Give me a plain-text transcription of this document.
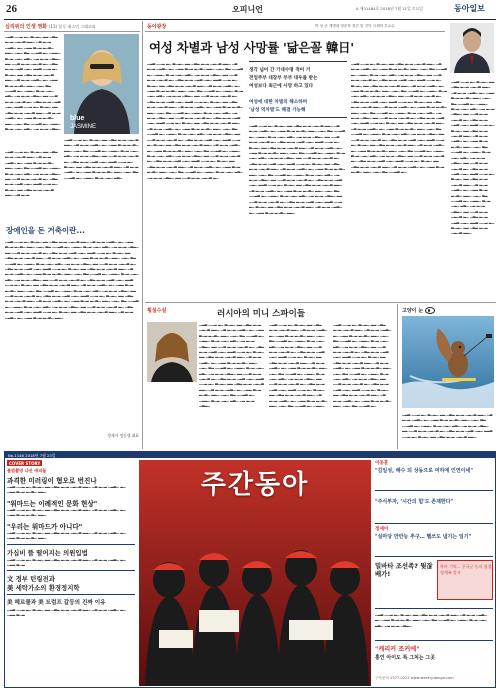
26	오피니언	A 제31484호 2018년 7월 21일 토요일	동아일보
심리위의 인생 영화 (13) 블루 재스민 그래코리
▁▂▃ ▁▁▂ ▂▁ ▃▁▂▁ ▂▂ ▁▃▂ ▂▁▂ ▁▂▁▃ ▂▂▁ ▁▃ ▂▁▂ ▁▂▃▁ ▂▁ ▁▂▂ ▃▁▂ ▂▁▃▁ ▂▂▁ ▁▂▁ ▃▂ ▁▁▂▃ ▂▁ ▁▂▂▁ ▃▁▂ ▁▂▁ ▂▃▁ ▁▂ ▂▁▂ ▁▃▂▁ ▂▂ ▁▁▃ ▂▁▂ ▁▂▁▃ ▂▁ ▁▃▂ ▂▁▂ ▁▂▃ ▁▂▁ ▂▂▃ ▁▁▂ ▂▁ ▃▁▂▁ ▂▂ ▁▃▂ ▂▁▂ ▁▂▁▃ ▂▂▁ ▁▃ ▂▁▂ ▁▂▃▁ ▂▁ ▁▂▂ ▃▁▂ ▂▁▃▁ ▂▂▁ ▁▂▁ ▃▂ ▁▁▂▃ ▂▁ ▁▂▂▁ ▃▁▂ ▁▂▁ ▂▃▁ ▁▂ ▂▁▂ ▁▃▂▁ ▂▂ ▁▁▃ ▂▁▂ ▁▂▁▃ ▂▁ ▁▃▂ ▂▁▂ ▁▂▃ ▁▂▁ ▂▂▃ ▁▁▂ ▂▁ ▃▁▂▁ ▂▂ ▁▃▂ ▂▁▂ ▁▂▁▃ ▂▂▁ ▁▃ ▂▁▂ ▁▂▃▁ ▂▁ ▁▂▂ ▃▁▂ ▂▁▃▁ ▂▂▁ ▁▂▁ ▃▂ ▁▁▂▃ ▂▁ ▁▂▂▁ ▃▁▂ ▁▂▁ ▂▃▁ ▁▂ ▂▁▂ ▁▃▂▁
blue
JASMINE
▁▂▃ ▁▁▂ ▂▁ ▃▁▂▁ ▂▂ ▁▃▂ ▂▁▂ ▁▂▁▃ ▂▂▁ ▁▃ ▂▁▂ ▁▂▃▁ ▂▁ ▁▂▂ ▃▁▂ ▂▁▃▁ ▂▂▁ ▁▂▁ ▃▂ ▁▁▂▃ ▂▁ ▁▂▂▁ ▃▁▂ ▁▂▁ ▂▃▁ ▁▂ ▂▁▂ ▁▃▂▁ ▂▂ ▁▁▃ ▂▁▂ ▁▂▁▃ ▂▁ ▁▃▂ ▂▁▂ ▁▂▃ ▁▂▁ ▂▂▃ ▁▁▂ ▂▁ ▃▁▂▁ ▂▂ ▁▃▂ ▂▁▂ ▁▂▁▃ ▂▂▁ ▁▃ ▂▁▂ ▁▂▃▁ ▂▁ ▁▂▂ ▃▁▂ ▂▁▃▁ ▂▂▁ ▁▂▁ ▃▂ ▁▁▂▃ ▂▁ ▁▂▂▁ ▃▁▂ ▁▂▁ ▂▃▁
▁▂▃ ▁▁▂ ▂▁ ▃▁▂▁ ▂▂ ▁▃▂ ▂▁▂ ▁▂▁▃ ▂▂▁ ▁▃ ▂▁▂ ▁▂▃▁ ▂▁ ▁▂▂ ▃▁▂ ▂▁▃▁ ▂▂▁ ▁▂▁ ▃▂ ▁▁▂▃ ▂▁ ▁▂▂▁ ▃▁▂ ▁▂▁ ▂▃▁ ▁▂ ▂▁▂ ▁▃▂▁ ▂▂ ▁▁▃ ▂▁▂ ▁▂▁▃ ▂▁ ▁▃▂ ▂▁▂ ▁▂▃ ▁▂▁ ▂▂▃ ▁▁▂ ▂▁ ▃▁▂▁ ▂▂ ▁▃▂ ▂▁▂ ▁▂▁▃ ▂▂▁ ▁▃ ▂▁▂
장애인을 돈 거축이란...
▁▂▃ ▁▁▂ ▂▁ ▃▁▂▁ ▂▂ ▁▃▂ ▂▁▂ ▁▂▁▃ ▂▂▁ ▁▃ ▂▁▂ ▁▂▃▁ ▂▁ ▁▂▂ ▃▁▂ ▂▁▃▁ ▂▂▁ ▁▂▁ ▃▂ ▁▁▂▃ ▂▁ ▁▂▂▁ ▃▁▂ ▁▂▁ ▂▃▁ ▁▂ ▂▁▂ ▁▃▂▁ ▂▂ ▁▁▃ ▂▁▂ ▁▂▁▃ ▂▁ ▁▃▂ ▂▁▂ ▁▂▃ ▁▂▁ ▂▂▃ ▁▁▂ ▂▁ ▃▁▂▁ ▂▂ ▁▃▂ ▂▁▂ ▁▂▁▃ ▂▂▁ ▁▃ ▂▁▂ ▁▂▃▁ ▂▁ ▁▂▂ ▃▁▂ ▂▁▃▁ ▂▂▁ ▁▂▁ ▃▂ ▁▁▂▃ ▂▁ ▁▂▂▁ ▃▁▂ ▁▂▁ ▂▃▁ ▁▂ ▂▁▂ ▁▃▂▁ ▂▂ ▁▁▃ ▂▁▂ ▁▂▁▃ ▂▁ ▁▃▂ ▂▁▂ ▁▂▃ ▁▂▁ ▂▂▃ ▁▁▂ ▂▁ ▃▁▂▁ ▂▂ ▁▃▂ ▂▁▂ ▁▂▁▃ ▂▂▁ ▁▃ ▂▁▂ ▁▂▃▁ ▂▁ ▁▂▂ ▃▁▂ ▂▁▃▁ ▂▂▁ ▁▂▁ ▃▂ ▁▁▂▃ ▂▁ ▁▂▂▁ ▃▁▂ ▁▂▁ ▂▃▁ ▁▂ ▂▁▂ ▁▃▂▁ ▂▂ ▁▁▃ ▂▁▂ ▁▂▁▃ ▂▁ ▁▃▂ ▂▁▂ ▁▂▃ ▁▂▁ ▂▂▃ ▁▁▂ ▂▁ ▃▁▂▁ ▂▂ ▁▃▂ ▂▁▂ ▁▂▁▃ ▂▂▁ ▁▃ ▂▁▂ ▁▂▃▁ ▂▁ ▁▂▂ ▃▁▂ ▂▁▃▁ ▂▂▁ ▁▂▁ ▃▂ ▁▁▂▃ ▂▁ ▁▂▂▁ ▃▁▂ ▁▂▁ ▂▃▁ ▁▂ ▂▁▂ ▁▃▂▁ ▂▂ ▁▁▃ ▂▁▂ ▁▂▁▃ ▂▁ ▁▃▂ ▂▁▂ ▁▂▃ ▁▂▁ ▂▂▃ ▁▁▂ ▂▁ ▃▁▂▁ ▂▂ ▁▃▂ ▂▁▂ ▁▂▁▃ ▂▂▁ ▁▃ ▂▁▂ ▁▂▃▁ ▂▁ ▁▂▂ ▃▁▂ ▂▁▃▁ ▂▂▁ ▁▂▁ ▃▂ ▁▁▂▃ ▂▁ ▁▂▂▁ ▃▁▂ ▁▂▁ ▂▃▁ ▁▂ ▂▁▂ ▁▃▂▁ ▂▂ ▁▁▃ ▂▁▂ ▁▂▁▃ ▂▁ ▁▃▂ ▂▁▂ ▁▂▃ ▁▂▁ ▂▂▃ ▁▁▂ ▂▁ ▃▁▂▁ ▂▂ ▁▃▂ ▂▁▂ ▁▂▁▃ ▂▂▁ ▁▃ ▂▁▂ ▁▂▃▁ ▂▁ ▁▂▂ ▃▁▂ ▂▁▃▁ ▂▂▁
정재서 정동생 대표
동아광장	박 성 준 계명대 영문학 정전 및 진단 국제학 부교수
여성 차별과 남성 사망률 '닮은꼴 韓日'
▁▂▃ ▁▁▂ ▂▁ ▃▁▂▁ ▂▂ ▁▃▂ ▂▁▂ ▁▂▁▃ ▂▂▁ ▁▃ ▂▁▂ ▁▂▃▁ ▂▁ ▁▂▂ ▃▁▂ ▂▁▃▁ ▂▂▁ ▁▂▁ ▃▂ ▁▁▂▃ ▂▁ ▁▂▂▁ ▃▁▂ ▁▂▁ ▂▃▁ ▁▂ ▂▁▂ ▁▃▂▁ ▂▂ ▁▁▃ ▂▁▂ ▁▂▁▃ ▂▁ ▁▃▂ ▂▁▂ ▁▂▃ ▁▂▁ ▂▂▃ ▁▁▂ ▂▁ ▃▁▂▁ ▂▂ ▁▃▂ ▂▁▂ ▁▂▁▃ ▂▂▁ ▁▃ ▂▁▂ ▁▂▃▁ ▂▁ ▁▂▂ ▃▁▂ ▂▁▃▁ ▂▂▁ ▁▂▁ ▃▂ ▁▁▂▃ ▂▁ ▁▂▂▁ ▃▁▂ ▁▂▁ ▂▃▁ ▁▂ ▂▁▂ ▁▃▂▁ ▂▂ ▁▁▃ ▂▁▂ ▁▂▁▃ ▂▁ ▁▃▂ ▂▁▂ ▁▂▃ ▁▂▁ ▂▂▃ ▁▁▂ ▂▁ ▃▁▂▁ ▂▂ ▁▃▂ ▂▁▂ ▁▂▁▃ ▂▂▁ ▁▃ ▂▁▂ ▁▂▃▁ ▂▁ ▁▂▂ ▃▁▂ ▂▁▃▁ ▂▂▁ ▁▂▁ ▃▂ ▁▁▂▃ ▂▁ ▁▂▂▁ ▃▁▂ ▁▂▁ ▂▃▁ ▁▂ ▂▁▂ ▁▃▂▁ ▂▂ ▁▁▃ ▂▁▂ ▁▂▁▃ ▂▁ ▁▃▂ ▂▁▂ ▁▂▃ ▁▂▁ ▂▂▃ ▁▁▂ ▂▁ ▃▁▂▁ ▂▂ ▁▃▂ ▂▁▂ ▁▂▁▃ ▂▂▁ ▁▃ ▂▁▂ ▁▂▃▁ ▂▁ ▁▂▂ ▃▁▂ ▂▁▃▁ ▂▂▁ ▁▂▁ ▃▂ ▁▁▂▃ ▂▁ ▁▂▂▁ ▃▁▂ ▁▂▁ ▂▃▁ ▁▂ ▂▁▂ ▁▃▂▁ ▂▂ ▁▁▃ ▂▁▂ ▁▂▁▃ ▂▁ ▁▃▂ ▂▁▂ ▁▂▃ ▁▂▁ ▂▂▃ ▁▁▂ ▂▁ ▃▁▂▁ ▂▂ ▁▃▂ ▂▁▂ ▁▂▁▃ ▂▂▁ ▁▃ ▂▁▂ ▁▂▃▁ ▂▁ ▁▂▂ ▃▁▂ ▂▁▃▁ ▂▂▁ ▁▂▁ ▃▂ ▁▁▂▃ ▂▁ ▁▂▂▁ ▃▁▂ ▁▂▁ ▂▃▁ ▁▂ ▂▁▂ ▁▃▂▁ ▂▂ ▁▁▃ ▂▁▂ ▁▂▁▃ ▂▁ ▁▃▂ ▂▁▂ ▁▂▃ ▁▂▁ ▂▂▃ ▁▁▂ ▂▁ ▃▁▂▁ ▂▂ ▁▃▂ ▂▁▂ ▁▂▁▃ ▂▂▁ ▁▃ ▂▁▂ ▁▂▃▁ ▂▁ ▁▂▂ ▃▁▂ ▂▁▃▁ ▂▂▁ ▁▂▁ ▃▂ ▁▁▂▃ ▂▁ ▁▂▂▁ ▃▁▂ ▁▂▁ ▂▃▁ ▁▂ ▂▁▂ ▁▃▂▁ ▂▂ ▁▁▃ ▂▁▂ ▁▂▁▃ ▂▁
생각 넘어 간 기대수명 적어 거
전업주부 대장부 부부 대우를 받는
여성보다 최근에 사망 하고 있다
여성에 대한 차별의 해소하며
'남성 역차별'도 해결 가능해
▁▂▃ ▁▁▂ ▂▁ ▃▁▂▁ ▂▂ ▁▃▂ ▂▁▂ ▁▂▁▃ ▂▂▁ ▁▃ ▂▁▂ ▁▂▃▁ ▂▁ ▁▂▂ ▃▁▂ ▂▁▃▁ ▂▂▁ ▁▂▁ ▃▂ ▁▁▂▃ ▂▁ ▁▂▂▁ ▃▁▂ ▁▂▁ ▂▃▁ ▁▂ ▂▁▂ ▁▃▂▁ ▂▂ ▁▁▃ ▂▁▂ ▁▂▁▃ ▂▁ ▁▃▂ ▂▁▂ ▁▂▃ ▁▂▁ ▂▂▃ ▁▁▂ ▂▁ ▃▁▂▁ ▂▂ ▁▃▂ ▂▁▂ ▁▂▁▃ ▂▂▁ ▁▃ ▂▁▂ ▁▂▃▁ ▂▁ ▁▂▂ ▃▁▂ ▂▁▃▁ ▂▂▁ ▁▂▁ ▃▂ ▁▁▂▃ ▂▁ ▁▂▂▁ ▃▁▂ ▁▂▁ ▂▃▁ ▁▂ ▂▁▂ ▁▃▂▁ ▂▂ ▁▁▃ ▂▁▂ ▁▂▁▃ ▂▁ ▁▃▂ ▂▁▂ ▁▂▃ ▁▂▁ ▂▂▃ ▁▁▂ ▂▁ ▃▁▂▁ ▂▂ ▁▃▂ ▂▁▂ ▁▂▁▃ ▂▂▁ ▁▃ ▂▁▂ ▁▂▃▁ ▂▁ ▁▂▂ ▃▁▂ ▂▁▃▁ ▂▂▁ ▁▂▁ ▃▂ ▁▁▂▃ ▂▁ ▁▂▂▁ ▃▁▂ ▁▂▁ ▂▃▁ ▁▂ ▂▁▂ ▁▃▂▁ ▂▂ ▁▁▃ ▂▁▂ ▁▂▁▃ ▂▁ ▁▃▂ ▂▁▂ ▁▂▃ ▁▂▁ ▂▂▃ ▁▁▂ ▂▁ ▃▁▂▁ ▂▂ ▁▃▂ ▂▁▂ ▁▂▁▃ ▂▂▁ ▁▃ ▂▁▂ ▁▂▃▁ ▂▁ ▁▂▂ ▃▁▂ ▂▁▃▁ ▂▂▁ ▁▂▁ ▃▂ ▁▁▂▃ ▂▁ ▁▂▂▁ ▃▁▂ ▁▂▁ ▂▃▁ ▁▂ ▂▁▂ ▁▃▂▁ ▂▂ ▁▁▃ ▂▁▂ ▁▂▁▃ ▂▁ ▁▃▂ ▂▁▂ ▁▂▃ ▁▂▁ ▂▂▃ ▁▁▂ ▂▁ ▃▁▂▁ ▂▂ ▁▃▂ ▂▁▂ ▁▂▁▃ ▂▂▁ ▁▃ ▂▁▂ ▁▂▃▁ ▂▁ ▁▂▂ ▃▁▂ ▂▁▃▁ ▂▂▁
▁▂▃ ▁▁▂ ▂▁ ▃▁▂▁ ▂▂ ▁▃▂ ▂▁▂ ▁▂▁▃ ▂▂▁ ▁▃ ▂▁▂ ▁▂▃▁ ▂▁ ▁▂▂ ▃▁▂ ▂▁▃▁ ▂▂▁ ▁▂▁ ▃▂ ▁▁▂▃ ▂▁ ▁▂▂▁ ▃▁▂ ▁▂▁ ▂▃▁ ▁▂ ▂▁▂ ▁▃▂▁ ▂▂ ▁▁▃ ▂▁▂ ▁▂▁▃ ▂▁ ▁▃▂ ▂▁▂ ▁▂▃ ▁▂▁ ▂▂▃ ▁▁▂ ▂▁ ▃▁▂▁ ▂▂ ▁▃▂ ▂▁▂ ▁▂▁▃ ▂▂▁ ▁▃ ▂▁▂ ▁▂▃▁ ▂▁ ▁▂▂ ▃▁▂ ▂▁▃▁ ▂▂▁ ▁▂▁ ▃▂ ▁▁▂▃ ▂▁ ▁▂▂▁ ▃▁▂ ▁▂▁ ▂▃▁ ▁▂ ▂▁▂ ▁▃▂▁ ▂▂ ▁▁▃ ▂▁▂ ▁▂▁▃ ▂▁ ▁▃▂ ▂▁▂ ▁▂▃ ▁▂▁ ▂▂▃ ▁▁▂ ▂▁ ▃▁▂▁ ▂▂ ▁▃▂ ▂▁▂ ▁▂▁▃ ▂▂▁ ▁▃ ▂▁▂ ▁▂▃▁ ▂▁ ▁▂▂ ▃▁▂ ▂▁▃▁ ▂▂▁ ▁▂▁ ▃▂ ▁▁▂▃ ▂▁ ▁▂▂▁ ▃▁▂ ▁▂▁ ▂▃▁ ▁▂ ▂▁▂ ▁▃▂▁ ▂▂ ▁▁▃ ▂▁▂ ▁▂▁▃ ▂▁ ▁▃▂ ▂▁▂ ▁▂▃ ▁▂▁ ▂▂▃ ▁▁▂ ▂▁ ▃▁▂▁ ▂▂ ▁▃▂ ▂▁▂ ▁▂▁▃ ▂▂▁ ▁▃ ▂▁▂ ▁▂▃▁ ▂▁ ▁▂▂ ▃▁▂ ▂▁▃▁ ▂▂▁ ▁▂▁ ▃▂ ▁▁▂▃ ▂▁ ▁▂▂▁ ▃▁▂ ▁▂▁ ▂▃▁ ▁▂ ▂▁▂ ▁▃▂▁ ▂▂ ▁▁▃ ▂▁▂ ▁▂▁▃ ▂▁ ▁▃▂ ▂▁▂ ▁▂▃ ▁▂▁ ▂▂▃ ▁▁▂ ▂▁ ▃▁▂▁ ▂▂ ▁▃▂ ▂▁▂ ▁▂▁▃ ▂▂▁ ▁▃ ▂▁▂ ▁▂▃▁ ▂▁ ▁▂▂ ▃▁▂ ▂▁▃▁ ▂▂▁ ▁▂▁ ▃▂ ▁▁▂▃ ▂▁ ▁▂▂▁ ▃▁▂ ▁▂▁ ▂▃▁ ▁▂ ▂▁▂ ▁▃▂▁ ▂▂ ▁▁▃ ▂▁▂ ▁▂▁▃ ▂▁ ▁▃▂ ▂▁▂ ▁▂▃ ▁▂▁ ▂▂▃ ▁▁▂ ▂▁ ▃▁▂▁ ▂▂ ▁▃▂ ▂▁▂ ▁▂▁▃ ▂▂▁ ▁▃ ▂▁▂ ▁▂▃▁ ▂▁ ▁▂▂ ▃▁▂ ▂▁▃▁ ▂▂▁ ▁▂▁ ▃▂ ▁▁▂▃ ▂▁
▁▂▃ ▁▁▂ ▂▁ ▃▁▂▁ ▂▂ ▁▃▂ ▂▁▂ ▁▂▁▃ ▂▂▁ ▁▃ ▂▁▂ ▁▂▃▁ ▂▁ ▁▂▂ ▃▁▂ ▂▁▃▁ ▂▂▁ ▁▂▁ ▃▂ ▁▁▂▃ ▂▁ ▁▂▂▁ ▃▁▂ ▁▂▁ ▂▃▁ ▁▂ ▂▁▂ ▁▃▂▁ ▂▂ ▁▁▃ ▂▁▂ ▁▂▁▃ ▂▁ ▁▃▂ ▂▁▂ ▁▂▃ ▁▂▁ ▂▂▃ ▁▁▂ ▂▁ ▃▁▂▁ ▂▂ ▁▃▂ ▂▁▂ ▁▂▁▃ ▂▂▁ ▁▃ ▂▁▂ ▁▂▃▁ ▂▁ ▁▂▂ ▃▁▂ ▂▁▃▁ ▂▂▁ ▁▂▁ ▃▂ ▁▁▂▃ ▂▁ ▁▂▂▁ ▃▁▂ ▁▂▁ ▂▃▁ ▁▂ ▂▁▂ ▁▃▂▁ ▂▂ ▁▁▃ ▂▁▂ ▁▂▁▃ ▂▁ ▁▃▂ ▂▁▂ ▁▂▃ ▁▂▁ ▂▂▃ ▁▁▂ ▂▁ ▃▁▂▁ ▂▂ ▁▃▂ ▂▁▂ ▁▂▁▃ ▂▂▁ ▁▃ ▂▁▂ ▁▂▃▁ ▂▁ ▁▂▂ ▃▁▂ ▂▁▃▁ ▂▂▁ ▁▂▁ ▃▂ ▁▁▂▃ ▂▁ ▁▂▂▁ ▃▁▂ ▁▂▁ ▂▃▁ ▁▂ ▂▁▂ ▁▃▂▁ ▂▂ ▁▁▃ ▂▁▂ ▁▂▁▃ ▂▁ ▁▃▂ ▂▁▂ ▁▂▃ ▁▂▁ ▂▂▃ ▁▁▂ ▂▁ ▃▁▂▁ ▂▂ ▁▃▂ ▂▁▂ ▁▂▁▃ ▂▂▁
횡설수설	러시아의 미니 스파이들
▁▂▃ ▁▁▂ ▂▁ ▃▁▂▁ ▂▂ ▁▃▂ ▂▁▂ ▁▂▁▃ ▂▂▁ ▁▃ ▂▁▂ ▁▂▃▁ ▂▁ ▁▂▂ ▃▁▂ ▂▁▃▁ ▂▂▁ ▁▂▁ ▃▂ ▁▁▂▃ ▂▁ ▁▂▂▁ ▃▁▂ ▁▂▁ ▂▃▁ ▁▂ ▂▁▂ ▁▃▂▁ ▂▂ ▁▁▃ ▂▁▂ ▁▂▁▃ ▂▁ ▁▃▂ ▂▁▂ ▁▂▃ ▁▂▁ ▂▂▃ ▁▁▂ ▂▁ ▃▁▂▁ ▂▂ ▁▃▂ ▂▁▂ ▁▂▁▃ ▂▂▁ ▁▃ ▂▁▂ ▁▂▃▁ ▂▁ ▁▂▂ ▃▁▂ ▂▁▃▁ ▂▂▁ ▁▂▁ ▃▂ ▁▁▂▃ ▂▁ ▁▂▂▁ ▃▁▂ ▁▂▁ ▂▃▁ ▁▂ ▂▁▂ ▁▃▂▁ ▂▂ ▁▁▃ ▂▁▂ ▁▂▁▃ ▂▁ ▁▃▂ ▂▁▂ ▁▂▃ ▁▂▁ ▂▂▃ ▁▁▂ ▂▁ ▃▁▂▁ ▂▂ ▁▃▂ ▂▁▂ ▁▂▁▃ ▂▂▁ ▁▃ ▂▁▂ ▁▂▃▁ ▂▁ ▁▂▂ ▃▁▂ ▂▁▃▁ ▂▂▁ ▁▂▁ ▃▂ ▁▁▂▃ ▂▁ ▁▂▂▁ ▃▁▂ ▁▂▁ ▂▃▁ ▁▂ ▂▁▂ ▁▃▂▁
▁▂▃ ▁▁▂ ▂▁ ▃▁▂▁ ▂▂ ▁▃▂ ▂▁▂ ▁▂▁▃ ▂▂▁ ▁▃ ▂▁▂ ▁▂▃▁ ▂▁ ▁▂▂ ▃▁▂ ▂▁▃▁ ▂▂▁ ▁▂▁ ▃▂ ▁▁▂▃ ▂▁ ▁▂▂▁ ▃▁▂ ▁▂▁ ▂▃▁ ▁▂ ▂▁▂ ▁▃▂▁ ▂▂ ▁▁▃ ▂▁▂ ▁▂▁▃ ▂▁ ▁▃▂ ▂▁▂ ▁▂▃ ▁▂▁ ▂▂▃ ▁▁▂ ▂▁ ▃▁▂▁ ▂▂ ▁▃▂ ▂▁▂ ▁▂▁▃ ▂▂▁ ▁▃ ▂▁▂ ▁▂▃▁ ▂▁ ▁▂▂ ▃▁▂ ▂▁▃▁ ▂▂▁ ▁▂▁ ▃▂ ▁▁▂▃ ▂▁ ▁▂▂▁ ▃▁▂ ▁▂▁ ▂▃▁ ▁▂ ▂▁▂ ▁▃▂▁ ▂▂ ▁▁▃ ▂▁▂ ▁▂▁▃ ▂▁ ▁▃▂ ▂▁▂ ▁▂▃ ▁▂▁ ▂▂▃ ▁▁▂ ▂▁ ▃▁▂▁ ▂▂ ▁▃▂ ▂▁▂ ▁▂▁▃ ▂▂▁ ▁▃ ▂▁▂ ▁▂▃▁ ▂▁ ▁▂▂ ▃▁▂ ▂▁▃▁ ▂▂▁ ▁▂▁ ▃▂ ▁▁▂▃ ▂▁ ▁▂▂▁
▁▂▃ ▁▁▂ ▂▁ ▃▁▂▁ ▂▂ ▁▃▂ ▂▁▂ ▁▂▁▃ ▂▂▁ ▁▃ ▂▁▂ ▁▂▃▁ ▂▁ ▁▂▂ ▃▁▂ ▂▁▃▁ ▂▂▁ ▁▂▁ ▃▂ ▁▁▂▃ ▂▁ ▁▂▂▁ ▃▁▂ ▁▂▁ ▂▃▁ ▁▂ ▂▁▂ ▁▃▂▁ ▂▂ ▁▁▃ ▂▁▂ ▁▂▁▃ ▂▁ ▁▃▂ ▂▁▂ ▁▂▃ ▁▂▁ ▂▂▃ ▁▁▂ ▂▁ ▃▁▂▁ ▂▂ ▁▃▂ ▂▁▂ ▁▂▁▃ ▂▂▁ ▁▃ ▂▁▂ ▁▂▃▁ ▂▁ ▁▂▂ ▃▁▂ ▂▁▃▁ ▂▂▁ ▁▂▁ ▃▂ ▁▁▂▃ ▂▁ ▁▂▂▁ ▃▁▂ ▁▂▁ ▂▃▁ ▁▂ ▂▁▂ ▁▃▂▁ ▂▂ ▁▁▃ ▂▁▂ ▁▂▁▃ ▂▁ ▁▃▂ ▂▁▂ ▁▂▃ ▁▂▁ ▂▂▃ ▁▁▂ ▂▁ ▃▁▂▁ ▂▂ ▁▃▂ ▂▁▂ ▁▂▁▃ ▂▂▁ ▁▃ ▂▁▂ ▁▂▃▁ ▂▁ ▁▂▂ ▃▁▂ ▂▁▃▁ ▂▂▁ ▁▂▁ ▃▂ ▁▁▂▃ ▂▁
고양이 눈
▁▂▃ ▁▁▂ ▂▁ ▃▁▂▁ ▂▂ ▁▃▂ ▂▁▂ ▁▂▁▃ ▂▂▁ ▁▃ ▂▁▂ ▁▂▃▁ ▂▁ ▁▂▂ ▃▁▂ ▂▁▃▁ ▂▂▁ ▁▂▁ ▃▂ ▁▁▂▃ ▂▁ ▁▂▂▁ ▃▁▂ ▁▂▁ ▂▃▁ ▁▂ ▂▁▂ ▁▃▂▁ ▂▂ ▁▁▃ ▂▁▂ ▁▂▁▃ ▂▁ ▁▃▂ ▂▁▂ ▁▂▃ ▁▂▁ ▂▂▃ ▁▁▂ ▂▁ ▃▁▂▁ ▂▂ ▁▃▂ ▂▁▂ ▁▂▁▃ ▂▂▁
No.1146 2018년 7월 23일
COVER STORY
불법촬영 나선 애피들
과격한 미러링이 혐오로 번진나
▁▂▃ ▁▁▂ ▂▁ ▃▁▂▁ ▂▂ ▁▃▂ ▂▁▂ ▁▂▁▃ ▂▂▁ ▁▃ ▂▁▂ ▁▂▃▁ ▂▁ ▁▂▂ ▃▁▂ ▂▁▃▁ ▂▂▁
"워마드는 이례적인 문화 현상"
▁▂▃ ▁▁▂ ▂▁ ▃▁▂▁ ▂▂ ▁▃▂ ▂▁▂ ▁▂▁▃ ▂▂▁ ▁▃ ▂▁▂ ▁▂▃▁ ▂▁ ▁▂▂ ▃▁▂ ▂▁▃▁ ▂▂▁
"우리는 워마드가 아니다"
▁▂▃ ▁▁▂ ▂▁ ▃▁▂▁ ▂▂ ▁▃▂ ▂▁▂ ▁▂▁▃ ▂▂▁ ▁▃ ▂▁▂ ▁▂▃▁ ▂▁ ▁▂▂ ▃▁▂ ▂▁▃▁ ▂▂▁
가십비 뜰 떨어지는 의원입법
▁▂▃ ▁▁▂ ▂▁ ▃▁▂▁ ▂▂ ▁▃▂ ▂▁▂ ▁▂▁▃ ▂▂▁ ▁▃ ▂▁▂ ▁▂▃▁ ▂▁ ▁▂▂ ▃▁▂
文 정부 턴링전과
美 세탁가소의 환경정지학
美 헤르쿨과 美 트럼프 갈등의 진짜 이유
▁▂▃ ▁▁▂ ▂▁ ▃▁▂▁ ▂▂ ▁▃▂ ▂▁▂ ▁▂▁▃ ▂▂▁ ▁▃ ▂▁▂ ▁▂▃▁ ▂▁ ▁▂▂ ▃▁▂
주간동아
이동훈
"김일성, 해수 되 상동으로 여하에 인연이네"
"주식투자, '시간의 힘'도 존재한다"
정세이
"실마당 만만능 추구… 헬쓰도 냄기는 일기"
밀바타 조선족? 뭣잖 배가!
북카 기억... 중국군 동의 청경 정계족 알자
▁▂▃ ▁▁▂ ▂▁ ▃▁▂▁ ▂▂ ▁▃▂ ▂▁▂ ▁▂▁▃ ▂▂▁ ▁▃ ▂▁▂ ▁▂▃▁ ▂▁ ▁▂▂ ▃▁▂ ▂▁▃▁ ▂▂▁ ▁▂▁ ▃▂ ▁▁▂▃ ▂▁ ▁▂▂▁ ▃▁▂ ▁▂▁ ▂▃▁ ▁▂ ▂▁▂ ▁▃▂▁
"캐리커 조커에"
홍인 아이도 특 그처는 그곳
구독문의 1577-0222 www.weekly.donga.com
